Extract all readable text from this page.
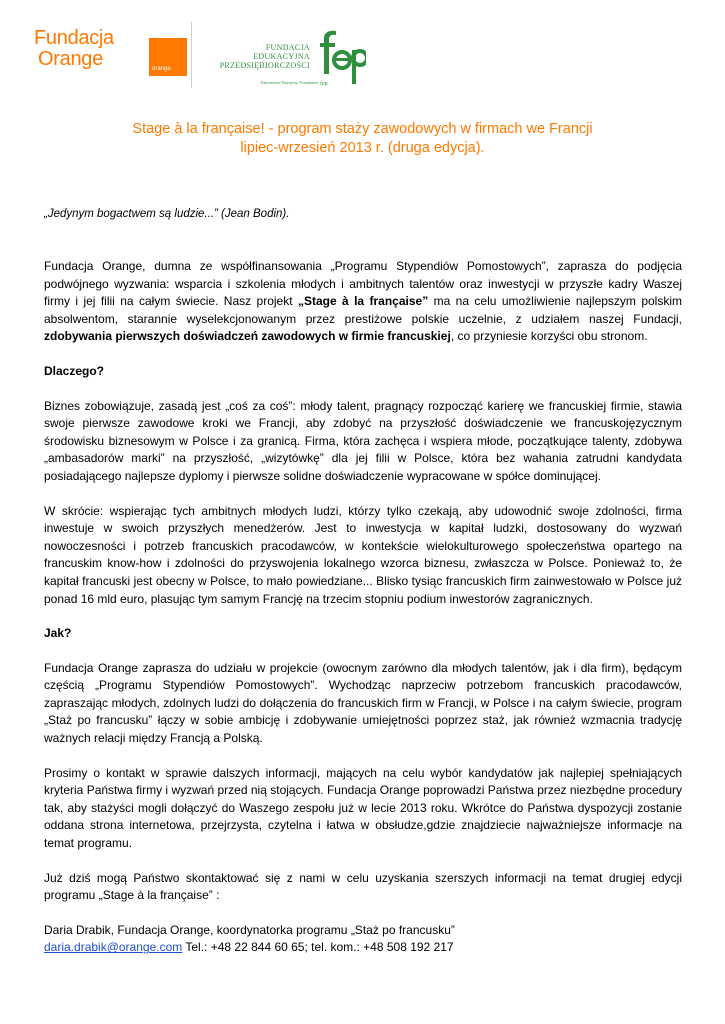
Fundacja
Orange	orange
FUNDACJA
EDUKACYJNA
PRZEDSIĘBIORCZOŚCI
Educational Enterprise Foundation fep
Stage à la française! - program staży zawodowych w firmach we Francji
lipiec-wrzesień 2013 r. (druga edycja).
„Jedynym bogactwem są ludzie...” (Jean Bodin).

Fundacja Orange, dumna ze współfinansowania „Programu Stypendiów Pomostowych”, zaprasza do podjęcia podwójnego wyzwania: wsparcia i szkolenia młodych i ambitnych talentów oraz inwestycji w przyszłe kadry Waszej firmy i jej filii na całym świecie. Nasz projekt „Stage à la française” ma na celu umożliwienie najlepszym polskim absolwentom, starannie wyselekcjonowanym przez prestiżowe polskie uczelnie, z udziałem naszej Fundacji, zdobywania pierwszych doświadczeń zawodowych w firmie francuskiej, co przyniesie korzyści obu stronom.

Dlaczego?

Biznes zobowiązuje, zasadą jest „coś za coś”: młody talent, pragnący rozpocząć karierę we francuskiej firmie, stawia swoje pierwsze zawodowe kroki we Francji, aby zdobyć na przyszłość doświadczenie we francuskojęzycznym środowisku biznesowym w Polsce i za granicą. Firma, która zachęca i wspiera młode, początkujące talenty, zdobywa „ambasadorów marki” na przyszłość, „wizytówkę” dla jej filii w Polsce, która bez wahania zatrudni kandydata posiadającego najlepsze dyplomy i pierwsze solidne doświadczenie wypracowane w spółce dominującej.

W skrócie: wspierając tych ambitnych młodych ludzi, którzy tylko czekają, aby udowodnić swoje zdolności, firma inwestuje w swoich przyszłych menedżerów. Jest to inwestycja w kapitał ludzki, dostosowany do wyzwań nowoczesności i potrzeb francuskich pracodawców, w kontekście wielokulturowego społeczeństwa opartego na francuskim know-how i zdolności do przyswojenia lokalnego wzorca biznesu, zwłaszcza w Polsce. Ponieważ to, że kapitał francuski jest obecny w Polsce, to mało powiedziane... Blisko tysiąc francuskich firm zainwestowało w Polsce już ponad 16 mld euro, plasując tym samym Francję na trzecim stopniu podium inwestorów zagranicznych.

Jak?

Fundacja Orange zaprasza do udziału w projekcie (owocnym zarówno dla młodych talentów, jak i dla firm), będącym częścią „Programu Stypendiów Pomostowych”. Wychodząc naprzeciw potrzebom francuskich pracodawców, zapraszając młodych, zdolnych ludzi do dołączenia do francuskich firm w Francji, w Polsce i na całym świecie, program „Staż po francusku” łączy w sobie ambicję i zdobywanie umiejętności poprzez staż, jak również wzmacnia tradycję ważnych relacji między Francją a Polską.

Prosimy o kontakt w sprawie dalszych informacji, mających na celu wybór kandydatów jak najlepiej spełniających kryteria Państwa firmy i wyzwań przed nią stojących. Fundacja Orange poprowadzi Państwa przez niezbędne procedury tak, aby stażyści mogli dołączyć do Waszego zespołu już w lecie 2013 roku. Wkrótce do Państwa dyspozycji zostanie oddana strona internetowa, przejrzysta, czytelna i łatwa w obsłudze,gdzie znajdziecie najważniejsze informacje na temat programu.

Już dziś mogą Państwo skontaktować się z nami w celu uzyskania szerszych informacji na temat drugiej edycji programu „Stage à la française” :

Daria Drabik, Fundacja Orange, koordynatorka programu „Staż po francusku”
daria.drabik@orange.com Tel.: +48 22 844 60 65; tel. kom.: +48 508 192 217
